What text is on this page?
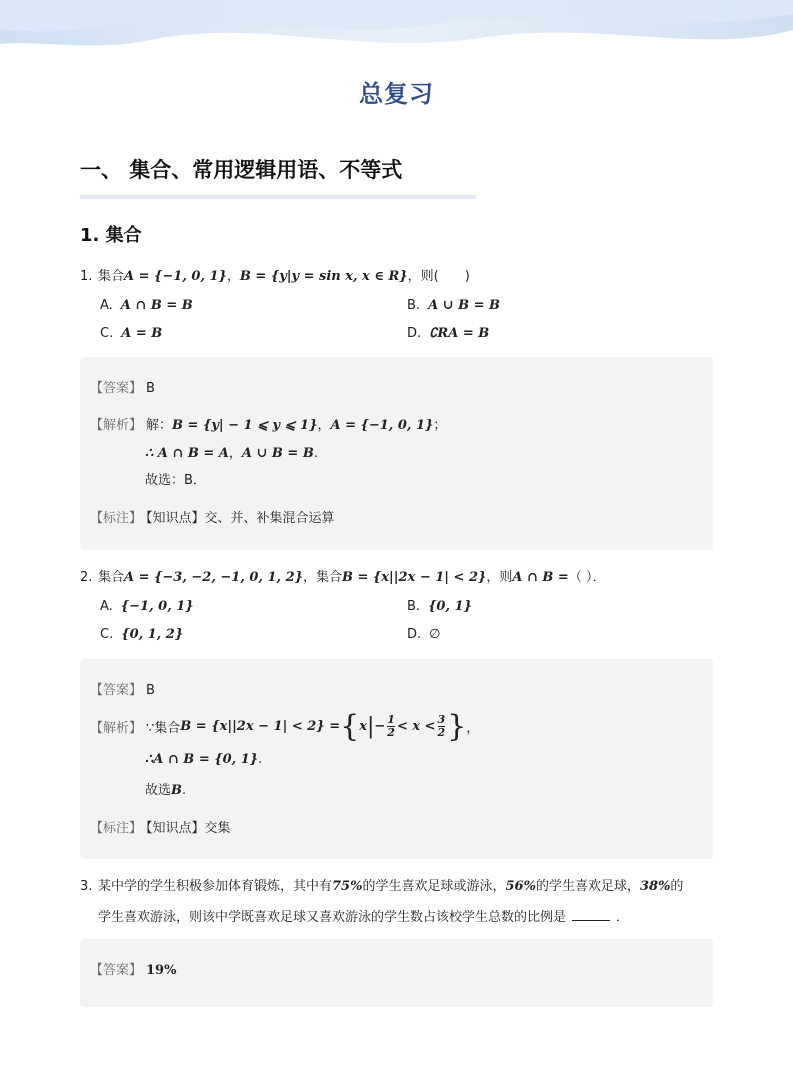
总复习
一、 集合、常用逻辑用语、不等式
1. 集合
1. 集合 A = {−1, 0, 1} ， B = {y|y = sin x, x ∈ R} ，则(　　)
A. A ∩ B = B	B. A ∪ B = B
C. A = B	D. ∁RA = B
【答案】 B
【解析】 解：B = {y| − 1 ⩽ y ⩽ 1}，A = {−1, 0, 1}；
∴ A ∩ B = A，A ∪ B = B.
故选：B．
【标注】 【知识点】交、并、补集混合运算
2. 集合 A = {−3, −2, −1, 0, 1, 2} ，集合 B = {x||2x − 1| < 2} ，则 A ∩ B = （ ）．
A. {−1, 0, 1}	B. {0, 1}
C. {0, 1, 2}	D. ∅
【答案】 B
【解析】 ∵集合 B = {x||2x − 1| < 2} = { x | − $\frac{1}{2} < x < \frac{3}{2}$ } ，
∴A ∩ B = {0, 1}.
故选B.
【标注】 【知识点】交集
3. 某中学的学生积极参加体育锻炼，其中有 75% 的学生喜欢足球或游泳， 56% 的学生喜欢足球， 38% 的
学生喜欢游泳，则该中学既喜欢足球又喜欢游泳的学生数占该校学生总数的比例是	．
【答案】 19%
